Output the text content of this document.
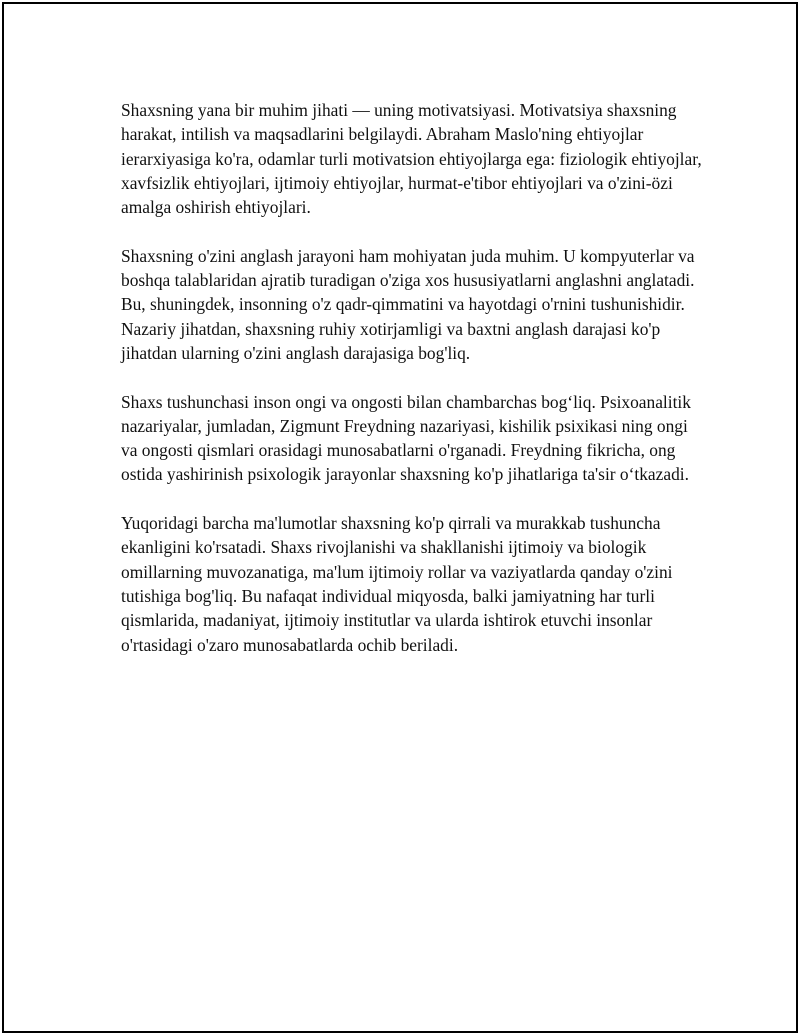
Shaxsning yana bir muhim jihati — uning motivatsiyasi. Motivatsiya shaxsning harakat, intilish va maqsadlarini belgilaydi. Abraham Maslo'ning ehtiyojlar ierarxiyasiga ko'ra, odamlar turli motivatsion ehtiyojlarga ega: fiziologik ehtiyojlar, xavfsizlik ehtiyojlari, ijtimoiy ehtiyojlar, hurmat-e'tibor ehtiyojlari va o'zini-özi amalga oshirish ehtiyojlari.

Shaxsning o'zini anglash jarayoni ham mohiyatan juda muhim. U kompyuterlar va boshqa talablaridan ajratib turadigan o'ziga xos hususiyatlarni anglashni anglatadi. Bu, shuningdek, insonning o'z qadr-qimmatini va hayotdagi o'rnini tushunishidir. Nazariy jihatdan, shaxsning ruhiy xotirjamligi va baxtni anglash darajasi ko'p jihatdan ularning o'zini anglash darajasiga bog'liq.

Shaxs tushunchasi inson ongi va ongosti bilan chambarchas bog‘liq. Psixoanalitik nazariyalar, jumladan, Zigmunt Freydning nazariyasi, kishilik psixikasi ning ongi va ongosti qismlari orasidagi munosabatlarni o'rganadi. Freydning fikricha, ong ostida yashirinish psixologik jarayonlar shaxsning ko'p jihatlariga ta'sir o‘tkazadi.

Yuqoridagi barcha ma'lumotlar shaxsning ko'p qirrali va murakkab tushuncha ekanligini ko'rsatadi. Shaxs rivojlanishi va shakllanishi ijtimoiy va biologik omillarning muvozanatiga, ma'lum ijtimoiy rollar va vaziyatlarda qanday o'zini tutishiga bog'liq. Bu nafaqat individual miqyosda, balki jamiyatning har turli qismlarida, madaniyat, ijtimoiy institutlar va ularda ishtirok etuvchi insonlar o'rtasidagi o'zaro munosabatlarda ochib beriladi.
